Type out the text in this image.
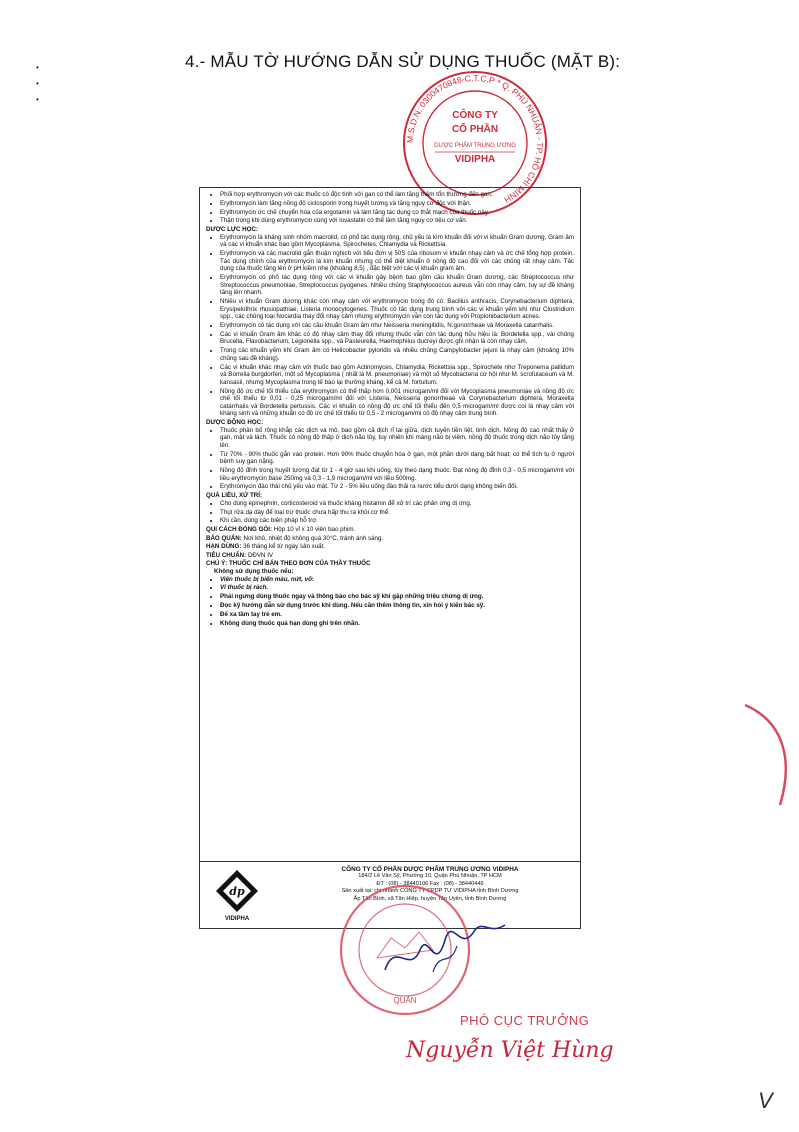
4.- MẪU TỜ HƯỚNG DẪN SỬ DỤNG THUỐC (MẶT B):
•
•
•
M.S.D.N: 0300470848-C.T.C.P * Q. PHÚ NHUẬN - TP. HỒ CHÍ MINH
CÔNG TY
CỔ PHẦN
DƯỢC PHẨM TRUNG ƯƠNG
VIDIPHA
• Phối hợp erythromycin với các thuốc có độc tính với gan có thể làm tăng thêm tổn thương đến gan.
• Erythromycin làm tăng nồng độ ciclosporin trong huyết tương và tăng nguy cơ độc với thận.
• Erythromycin ức chế chuyển hóa của ergotamin và làm tăng tác dụng co thắt mạch của thuốc này.
• Thận trọng khi dùng erythromycin cùng với lovastatin có thể làm tăng nguy cơ tiêu cơ vân.
DƯỢC LỰC HỌC:
• Erythromycin là kháng sinh nhóm macrolid, có phổ tác dụng rộng, chủ yếu là kìm khuẩn đối với vi khuẩn Gram dương, Gram âm và các vi khuẩn khác bao gồm Mycoplasma, Spirochetes, Chlamydia và Rickettsia.
• Erythromycin và các macrolid gắn thuận nghịch với tiểu đơn vị 50S của ribosom vi khuẩn nhạy cảm và ức chế tổng hợp protein. Tác dụng chính của erythromycin là kìm khuẩn nhưng có thể diệt khuẩn ở nồng độ cao đối với các chủng rất nhạy cảm. Tác dụng của thuốc tăng lên ở pH kiềm nhẹ (khoảng 8,5) , đặc biệt với các vi khuẩn gram âm.
• Erythromycin có phổ tác dụng rộng với các vi khuẩn gây bệnh bao gồm cầu khuẩn Gram dương, các Streptococcus như Streptococcus pneumoniae, Streptococcus pyogenes. Nhiều chủng Staphylococcus aureus vẫn còn nhạy cảm, tuy sự đề kháng tăng lên nhanh.
• Nhiều vi khuẩn Gram dương khác còn nhạy cảm với erythromycin trong đó có: Bacillus anthracis, Corynebacterium diphtera, Erysipelothrix rhusiopathiae, Listeria monocytogenes. Thuốc có tác dụng trung bình với các vi khuẩn yếm khí như Clostridium spp., các chủng loại Nocardia thay đổi nhạy cảm nhưng erythromycin vẫn còn tác dụng với Propionibacterium acnes.
• Erythromycin có tác dụng với các cầu khuẩn Gram âm như Neisseria meningitidis, N.gonorrheae và Moraxella catarrhalis.
• Các vi khuẩn Gram âm khác có độ nhạy cảm thay đổi nhưng thuốc vẫn còn tác dụng hữu hiệu là: Bordetella spp., vài chủng Brucella, Flavobacterium, Legionella spp., và Pasteurella, Haemophilus ducreyi được ghi nhận là còn nhạy cảm.
• Trong các khuẩn yếm khí Gram âm có Helicobacter pyloridis và nhiều chủng Campylobacter jejuni là nhạy cảm (khoảng 10% chủng sau đề kháng).
• Các vi khuẩn khác nhạy cảm với thuốc bao gồm Actinomyces, Chlamydia, Rickettsia spp., Spirochete như Treponema pallidum và Borrelia burgdorferi, một số Mycoplasma ( nhất là M. pneumoniae) và một số Mycobacteria cơ hội như M. scrofulaceum và M. kansasii, nhưng Mycoplasma trong tế bào lại thường kháng, kể cả M. fortuitum.
• Nồng độ ức chế tối thiểu của erythromycin có thể thấp hơn 0,001 microgam/ml đối với Mycoplasma pneumoniae và nồng độ ức chế tối thiểu từ 0,01 - 0,25 microgam/ml đối với Listeria, Neisseria gonorrheae và Corynebacterium diphtera, Moraxella catarrhalis và Bordetella pertussis. Các vi khuẩn có nồng độ ức chế tối thiểu đến 0,5 microgam/ml được coi là nhạy cảm với kháng sinh và những khuẩn có độ ức chế tối thiểu từ 0,5 - 2 microgam/ml có độ nhạy cảm trung bình.
DƯỢC ĐỘNG HỌC:
• Thuốc phân bố rộng khắp các dịch và mô, bao gồm cả dịch rỉ tai giữa, dịch tuyến tiền liệt, tinh dịch. Nồng độ cao nhất thấy ở gan, mật và lách. Thuốc có nồng độ thấp ở dịch não tủy, tuy nhiên khi màng não bị viêm, nồng độ thuốc trong dịch não tủy tăng lên.
• Từ 70% - 90% thuốc gắn vào protein. Hơn 90% thuốc chuyển hóa ở gan, một phần dưới dạng bất hoạt; có thể tích tụ ở người bệnh suy gan nặng.
• Nồng độ đỉnh trong huyết tương đạt từ 1 - 4 giờ sau khi uống, tùy theo dạng thuốc. Đạt nồng độ đỉnh 0,3 - 0,5 microgam/ml với liều erythromycin base 250mg và 0,3 - 1,9 microgam/ml với liều 500mg.
• Erythromycin đào thải chủ yếu vào mật. Từ 2 - 5% liều uống đào thải ra nước tiểu dưới dạng không biến đổi.
QUÁ LIỀU, XỬ TRÍ:
• Cho dùng epinephrin, corticosteroid và thuốc kháng histamin để xử trí các phản ứng dị ứng.
• Thụt rửa dạ dày để loại trừ thuốc chưa hấp thu ra khỏi cơ thể.
• Khi cần, dùng các biện pháp hỗ trợ.
QUI CÁCH ĐÓNG GÓI: Hộp 10 vỉ x 10 viên bao phim.
BẢO QUẢN: Nơi khô, nhiệt độ không quá 30°C, tránh ánh sáng.
HẠN DÙNG: 36 tháng kể từ ngày sản xuất.
TIÊU CHUẨN: DĐVN IV
CHÚ Ý: THUỐC CHỈ BÁN THEO ĐƠN CỦA THẦY THUỐC
Không sử dụng thuốc nếu:
• Viên thuốc bị biến màu, nứt, vỡ.
• Vỉ thuốc bị rách.
• Phải ngưng dùng thuốc ngay và thông báo cho bác sỹ khi gặp những triệu chứng dị ứng.
• Đọc kỹ hướng dẫn sử dụng trước khi dùng. Nếu cần thêm thông tin, xin hỏi ý kiến bác sỹ.
• Để xa tầm tay trẻ em.
• Không dùng thuốc quá hạn dùng ghi trên nhãn.
dp
VIDIPHA
CÔNG TY CỔ PHẦN DƯỢC PHẨM TRUNG ƯƠNG VIDIPHA
184/2 Lê Văn Sỹ, Phường 10, Quận Phú Nhuận, TP HCM
ĐT : (08) - 38440106 Fax : (08) - 38440446
Sản xuất tại: chi nhánh CÔNG TY CPDP TƯ VIDIPHA tỉnh Bình Dương
Ấp Tân Bình, xã Tân Hiệp, huyện Tân Uyên, tỉnh Bình Dương
QUẢN
PHÓ CỤC TRƯỞNG
Nguyễn Việt Hùng
V
